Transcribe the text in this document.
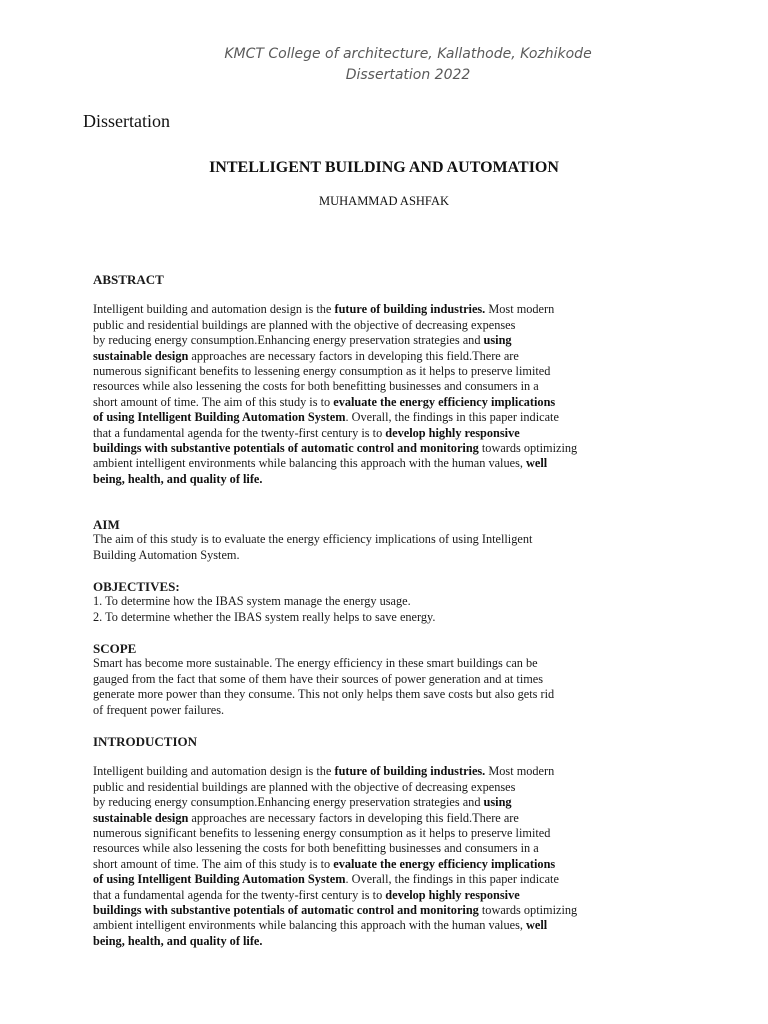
KMCT College of architecture, Kallathode, Kozhikode
Dissertation 2022
Dissertation
INTELLIGENT BUILDING AND AUTOMATION
MUHAMMAD ASHFAK

ABSTRACT

Intelligent building and automation design is the future of building industries. Most modern

public and residential buildings are planned with the objective of decreasing expenses

by reducing energy consumption.Enhancing energy preservation strategies and using

sustainable design approaches are necessary factors in developing this field.There are

numerous significant benefits to lessening energy consumption as it helps to preserve limited

resources while also lessening the costs for both benefitting businesses and consumers in a

short amount of time. The aim of this study is to evaluate the energy efficiency implications

of using Intelligent Building Automation System. Overall, the findings in this paper indicate

that a fundamental agenda for the twenty-first century is to develop highly responsive

buildings with substantive potentials of automatic control and monitoring towards optimizing

ambient intelligent environments while balancing this approach with the human values, well

being, health, and quality of life.

AIM

The aim of this study is to evaluate the energy efficiency implications of using Intelligent

Building Automation System.

OBJECTIVES:

1. To determine how the IBAS system manage the energy usage.

2. To determine whether the IBAS system really helps to save energy.

SCOPE

Smart has become more sustainable. The energy efficiency in these smart buildings can be

gauged from the fact that some of them have their sources of power generation and at times

generate more power than they consume. This not only helps them save costs but also gets rid

of frequent power failures.

INTRODUCTION

Intelligent building and automation design is the future of building industries. Most modern

public and residential buildings are planned with the objective of decreasing expenses

by reducing energy consumption.Enhancing energy preservation strategies and using

sustainable design approaches are necessary factors in developing this field.There are

numerous significant benefits to lessening energy consumption as it helps to preserve limited

resources while also lessening the costs for both benefitting businesses and consumers in a

short amount of time. The aim of this study is to evaluate the energy efficiency implications

of using Intelligent Building Automation System. Overall, the findings in this paper indicate

that a fundamental agenda for the twenty-first century is to develop highly responsive

buildings with substantive potentials of automatic control and monitoring towards optimizing

ambient intelligent environments while balancing this approach with the human values, well

being, health, and quality of life.
